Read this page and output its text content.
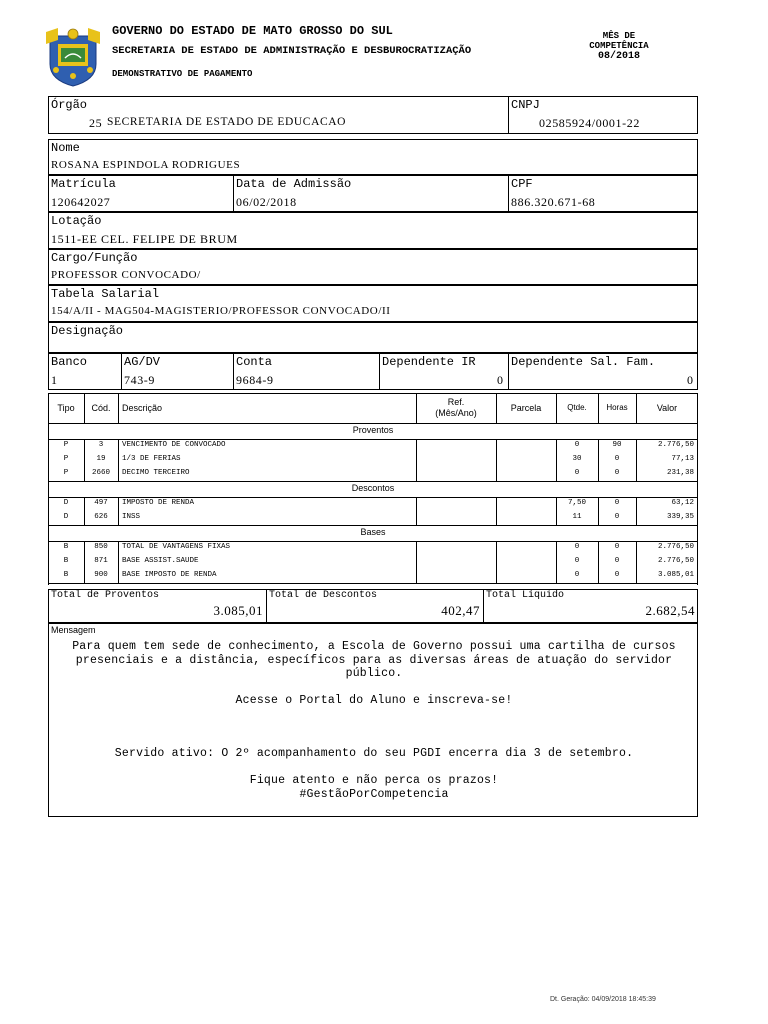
GOVERNO DO ESTADO DE MATO GROSSO DO SUL
SECRETARIA DE ESTADO DE ADMINISTRAÇÃO E DESBUROCRATIZAÇÃO
DEMONSTRATIVO DE PAGAMENTO
MÊS DE
COMPETÊNCIA
08/2018
Órgão
25 SECRETARIA DE ESTADO DE EDUCACAO
CNPJ
02585924/0001-22
Nome
ROSANA ESPINDOLA RODRIGUES
Matrícula
120642027
Data de Admissão
06/02/2018
CPF
886.320.671-68
Lotação
1511-EE CEL. FELIPE DE BRUM
Cargo/Função
PROFESSOR CONVOCADO/
Tabela Salarial
154/A/II - MAG504-MAGISTERIO/PROFESSOR CONVOCADO/II
Designação
Banco
1
AG/DV
743-9
Conta
9684-9
Dependente IR
0
Dependente Sal. Fam.
0
Tipo	Cód.	Descrição
Ref.
(Mês/Ano)	Parcela	Qtde.	Horas	Valor
Proventos
P	3	VENCIMENTO DE CONVOCADO	0	90	2.776,50
P	19	1/3 DE FERIAS	30	0	77,13
P	2660	DECIMO TERCEIRO	0	0	231,38
Descontos
D	497	IMPOSTO DE RENDA	7,50	0	63,12
D	626	INSS	11	0	339,35
Bases
B	850	TOTAL DE VANTAGENS FIXAS	0	0	2.776,50
B	871	BASE ASSIST.SAUDE	0	0	2.776,50
B	900	BASE IMPOSTO DE RENDA	0	0	3.085,01
Total de Proventos
3.085,01
Total de Descontos
402,47
Total Líquido
2.682,54
Mensagem
Para quem tem sede de conhecimento, a Escola de Governo possui uma cartilha de cursos presenciais e a distância, específicos para as diversas áreas de atuação do servidor público.
Acesse o Portal do Aluno e inscreva-se!
Servido ativo: O 2º acompanhamento do seu PGDI encerra dia 3 de setembro.
Fique atento e não perca os prazos!
#GestãoPorCompetencia
Dt. Geração: 04/09/2018 18:45:39
